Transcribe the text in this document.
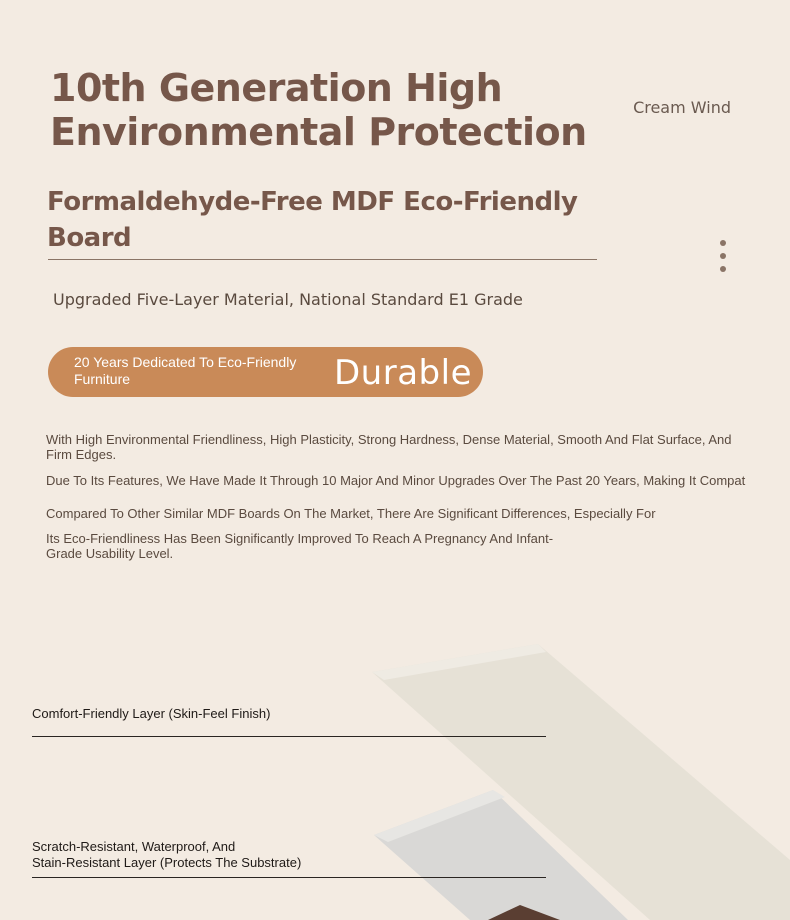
10th Generation High
Environmental Protection
Cream Wind
Formaldehyde-Free MDF Eco-Friendly Board
Upgraded Five-Layer Material, National Standard E1 Grade
20 Years Dedicated To Eco-Friendly Furniture	Durable
With High Environmental Friendliness, High Plasticity, Strong Hardness, Dense Material, Smooth And Flat Surface, And Firm Edges.
Due To Its Features, We Have Made It Through 10 Major And Minor Upgrades Over The Past 20 Years, Making It Compat
Compared To Other Similar MDF Boards On The Market, There Are Significant Differences, Especially For
Its Eco-Friendliness Has Been Significantly Improved To Reach A Pregnancy And Infant-Grade Usability Level.
Comfort-Friendly Layer (Skin-Feel Finish)
Scratch-Resistant, Waterproof, And
Stain-Resistant Layer (Protects The Substrate)
